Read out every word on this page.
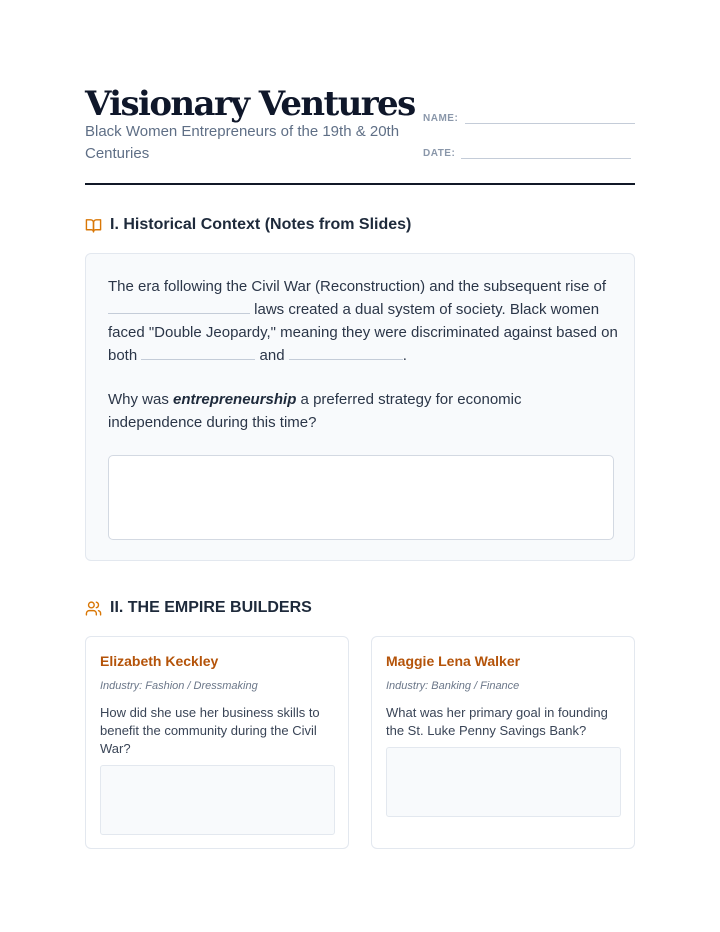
Visionary Ventures
Black Women Entrepreneurs of the 19th & 20th Centuries
NAME:
DATE:
I. Historical Context (Notes from Slides)

The era following the Civil War (Reconstruction) and the subsequent rise of  laws created a dual system of society. Black women faced "Double Jeopardy," meaning they were discriminated against based on both	and	.

Why was entrepreneurship a preferred strategy for economic independence during this time?

II. THE EMPIRE BUILDERS
Elizabeth Keckley
Industry: Fashion / Dressmaking
How did she use her business skills to benefit the community during the Civil War?
Maggie Lena Walker
Industry: Banking / Finance
What was her primary goal in founding the St. Luke Penny Savings Bank?
